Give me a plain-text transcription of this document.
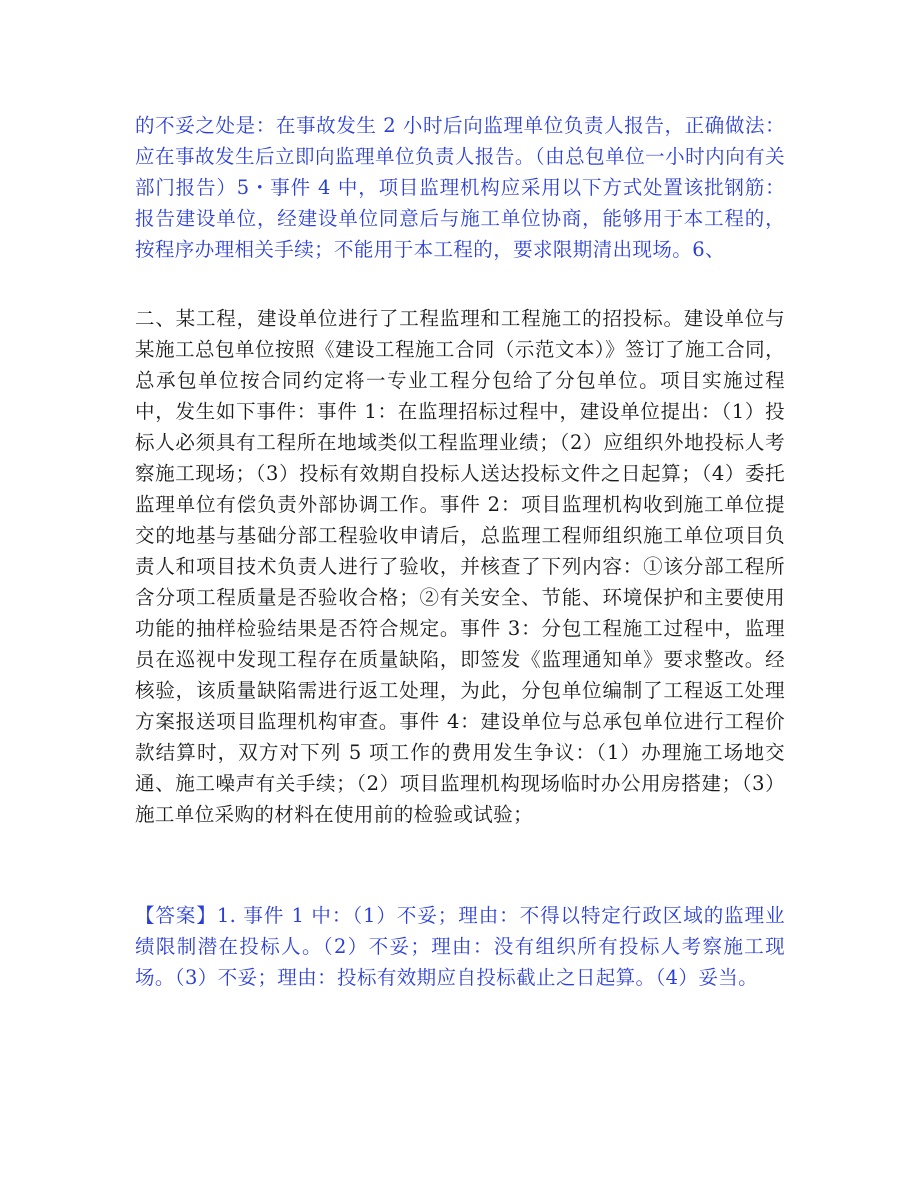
的不妥之处是：在事故发生 2 小时后向监理单位负责人报告，正确做法：应在事故发生后立即向监理单位负责人报告。（由总包单位一小时内向有关部门报告）5・事件 4 中，项目监理机构应采用以下方式处置该批钢筋：报告建设单位，经建设单位同意后与施工单位协商，能够用于本工程的，按程序办理相关手续；不能用于本工程的，要求限期清出现场。6、

二、某工程，建设单位进行了工程监理和工程施工的招投标。建设单位与某施工总包单位按照《建设工程施工合同（示范文本）》签订了施工合同，总承包单位按合同约定将一专业工程分包给了分包单位。项目实施过程中，发生如下事件：事件 1：在监理招标过程中，建设单位提出：（1）投标人必须具有工程所在地域类似工程监理业绩；（2）应组织外地投标人考察施工现场；（3）投标有效期自投标人送达投标文件之日起算；（4）委托监理单位有偿负责外部协调工作。事件 2：项目监理机构收到施工单位提交的地基与基础分部工程验收申请后，总监理工程师组织施工单位项目负责人和项目技术负责人进行了验收，并核查了下列内容：①该分部工程所含分项工程质量是否验收合格；②有关安全、节能、环境保护和主要使用功能的抽样检验结果是否符合规定。事件 3：分包工程施工过程中，监理员在巡视中发现工程存在质量缺陷，即签发《监理通知单》要求整改。经核验，该质量缺陷需进行返工处理，为此，分包单位编制了工程返工处理方案报送项目监理机构审查。事件 4：建设单位与总承包单位进行工程价款结算时，双方对下列 5 项工作的费用发生争议：（1）办理施工场地交通、施工噪声有关手续；（2）项目监理机构现场临时办公用房搭建；（3）施工单位采购的材料在使用前的检验或试验；

【答案】1. 事件 1 中：（1）不妥；理由：不得以特定行政区域的监理业绩限制潜在投标人。（2）不妥；理由：没有组织所有投标人考察施工现场。（3）不妥；理由：投标有效期应自投标截止之日起算。（4）妥当。
